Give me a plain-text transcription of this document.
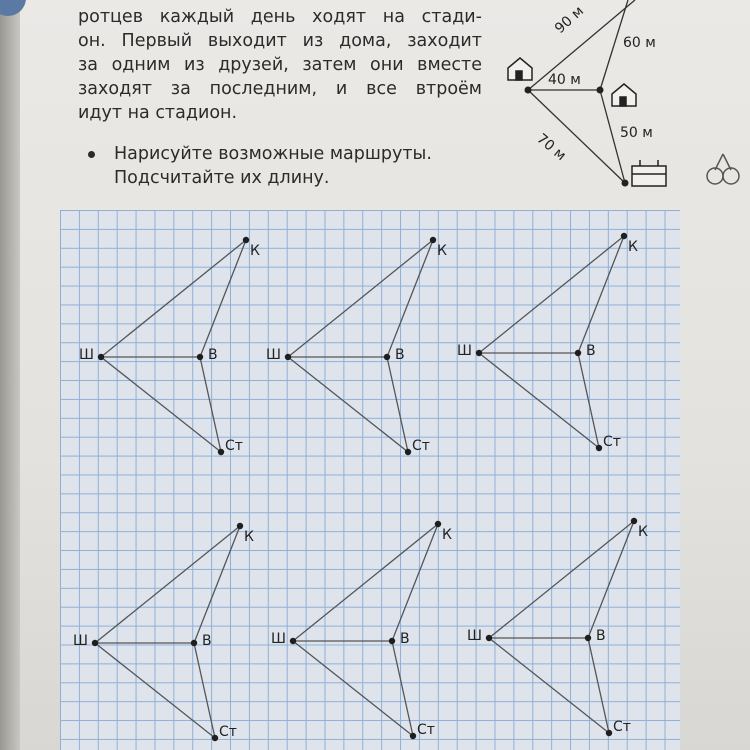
ротцев каждый день ходят на стади-
он. Первый выходит из дома, заходит
за одним из друзей, затем они вместе
заходят за последним, и все втроём
идут на стадион.
Нарисуйте возможные маршруты.
Подсчитайте их длину.
90 м
60 м
40 м
70 м	50 м
К
Ш	В
Ст
К
Ш	В
Ст
К
Ш	В
Ст
К
Ш	В
Ст
К
Ш	В
Ст
К
Ш	В
Ст
